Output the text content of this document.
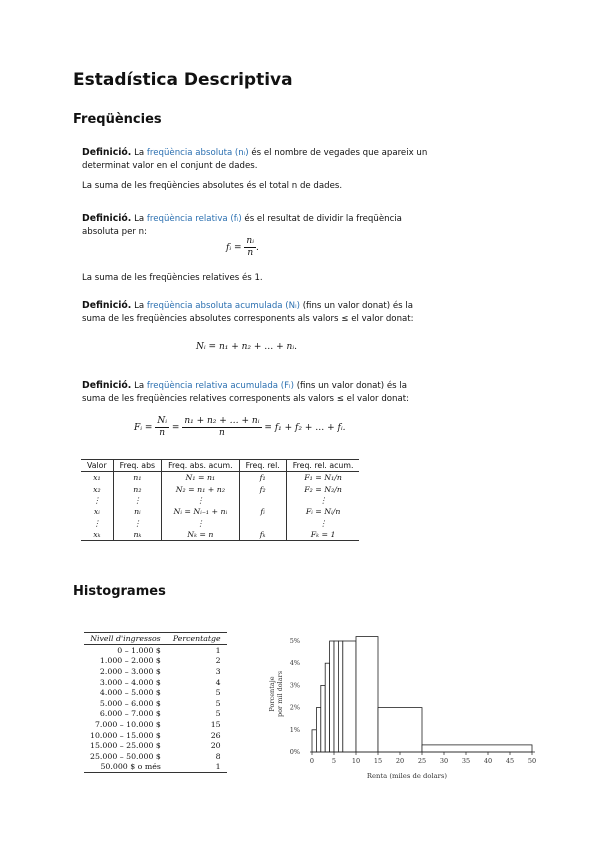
Estadística Descriptiva
Freqüències
Definició. La freqüència absoluta (nᵢ) és el nombre de vegades que apareix un determinat valor en el conjunt de dades.
La suma de les freqüències absolutes és el total n de dades.
Definició. La freqüència relativa (fᵢ) és el resultat de dividir la freqüència absoluta per n:
fᵢ = $\frac{\text{nᵢ}}{n}$ .
La suma de les freqüències relatives és 1.
Definició. La freqüència absoluta acumulada (Nᵢ) (fins un valor donat) és la suma de les freqüències absolutes corresponents als valors ≤ el valor donat:
Nᵢ = n₁ + n₂ + … + nᵢ.
Definició. La freqüència relativa acumulada (Fᵢ) (fins un valor donat) és la suma de les freqüències relatives corresponents als valors ≤ el valor donat:
Fᵢ = $\frac{\text{Nᵢ}}{n} = \frac{\text{n₁ + n₂ + … + nᵢ}}{n} = f_1 + f_2$ + … + fᵢ.
Valor	Freq. abs	Freq. abs. acum.	Freq. rel.	Freq. rel. acum.
x₁	n₁	N₁ = n₁	f₁	F₁ = N₁/n
x₂	n₂	N₂ = n₁ + n₂	f₂	F₂ = N₂/n
⋮	⋮	⋮		⋮
xᵢ	nᵢ	Nᵢ = Nᵢ₋₁ + nᵢ	fᵢ	Fᵢ = Nᵢ/n
⋮	⋮	⋮		⋮
xₖ	nₖ	Nₖ = n	fₖ	Fₖ = 1
Histogrames
Nivell d'ingressos	Percentatge
0 – 1.000 $	1
1.000 – 2.000 $	2
2.000 – 3.000 $	3
3.000 – 4.000 $	4
4.000 – 5.000 $	5
5.000 – 6.000 $	5
6.000 – 7.000 $	5
7.000 – 10.000 $	15
10.000 – 15.000 $	26
15.000 – 25.000 $	20
25.000 – 50.000 $	8
50.000 $ o més	1
0	5 10 15 20 25 30 35 40 45 50
0%
1%
2%
3%
4%
5%
Renta (miles de dolars)
Porcentaje por mil dolars
